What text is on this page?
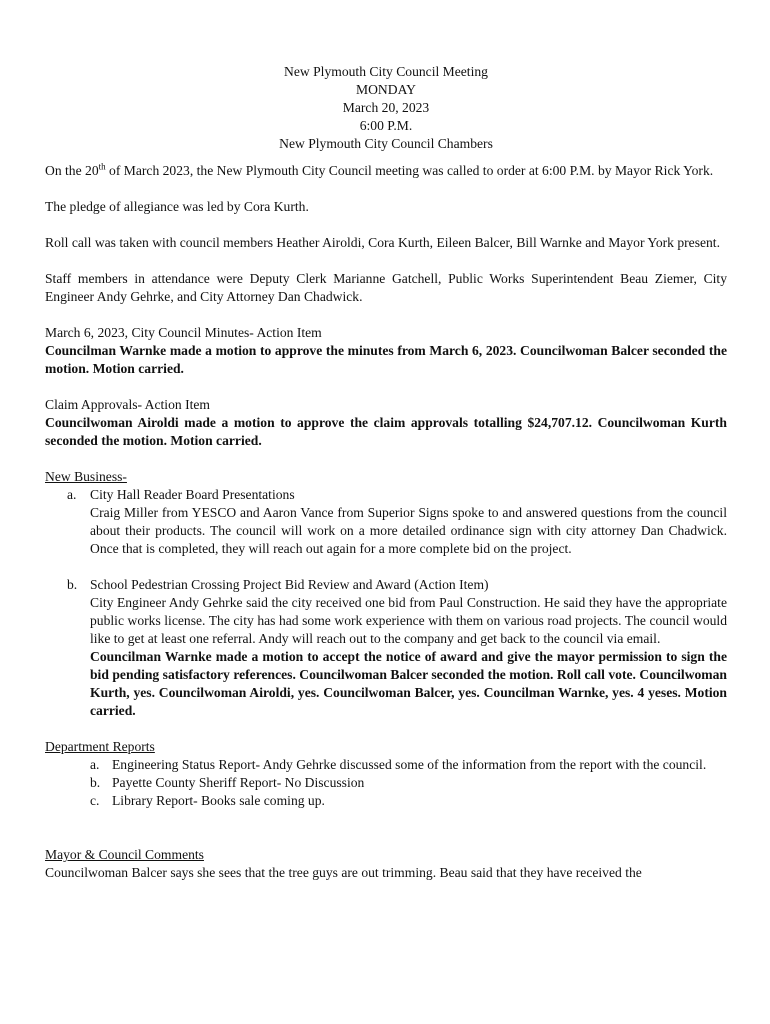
New Plymouth City Council Meeting
MONDAY
March 20, 2023
6:00 P.M.
New Plymouth City Council Chambers

On the 20th of March 2023, the New Plymouth City Council meeting was called to order at 6:00 P.M. by Mayor Rick York.

The pledge of allegiance was led by Cora Kurth.

Roll call was taken with council members Heather Airoldi, Cora Kurth, Eileen Balcer, Bill Warnke and Mayor York present.

Staff members in attendance were Deputy Clerk Marianne Gatchell, Public Works Superintendent Beau Ziemer, City Engineer Andy Gehrke, and City Attorney Dan Chadwick.

March 6, 2023, City Council Minutes- Action Item

Councilman Warnke made a motion to approve the minutes from March 6, 2023. Councilwoman Balcer seconded the motion. Motion carried.

Claim Approvals- Action Item

Councilwoman Airoldi made a motion to approve the claim approvals totalling $24,707.12. Councilwoman Kurth seconded the motion. Motion carried.

New Business-
a. City Hall Reader Board Presentations
Craig Miller from YESCO and Aaron Vance from Superior Signs spoke to and answered questions from the council about their products. The council will work on a more detailed ordinance sign with city attorney Dan Chadwick. Once that is completed, they will reach out again for a more complete bid on the project.
b. School Pedestrian Crossing Project Bid Review and Award (Action Item)
City Engineer Andy Gehrke said the city received one bid from Paul Construction. He said they have the appropriate public works license. The city has had some work experience with them on various road projects. The council would like to get at least one referral. Andy will reach out to the company and get back to the council via email.
Councilman Warnke made a motion to accept the notice of award and give the mayor permission to sign the bid pending satisfactory references. Councilwoman Balcer seconded the motion. Roll call vote. Councilwoman Kurth, yes. Councilwoman Airoldi, yes. Councilwoman Balcer, yes. Councilman Warnke, yes. 4 yeses. Motion carried.
Department Reports
a. Engineering Status Report- Andy Gehrke discussed some of the information from the report with the council.
b. Payette County Sheriff Report- No Discussion
c. Library Report- Books sale coming up.
Mayor & Council Comments
Councilwoman Balcer says she sees that the tree guys are out trimming. Beau said that they have received the
